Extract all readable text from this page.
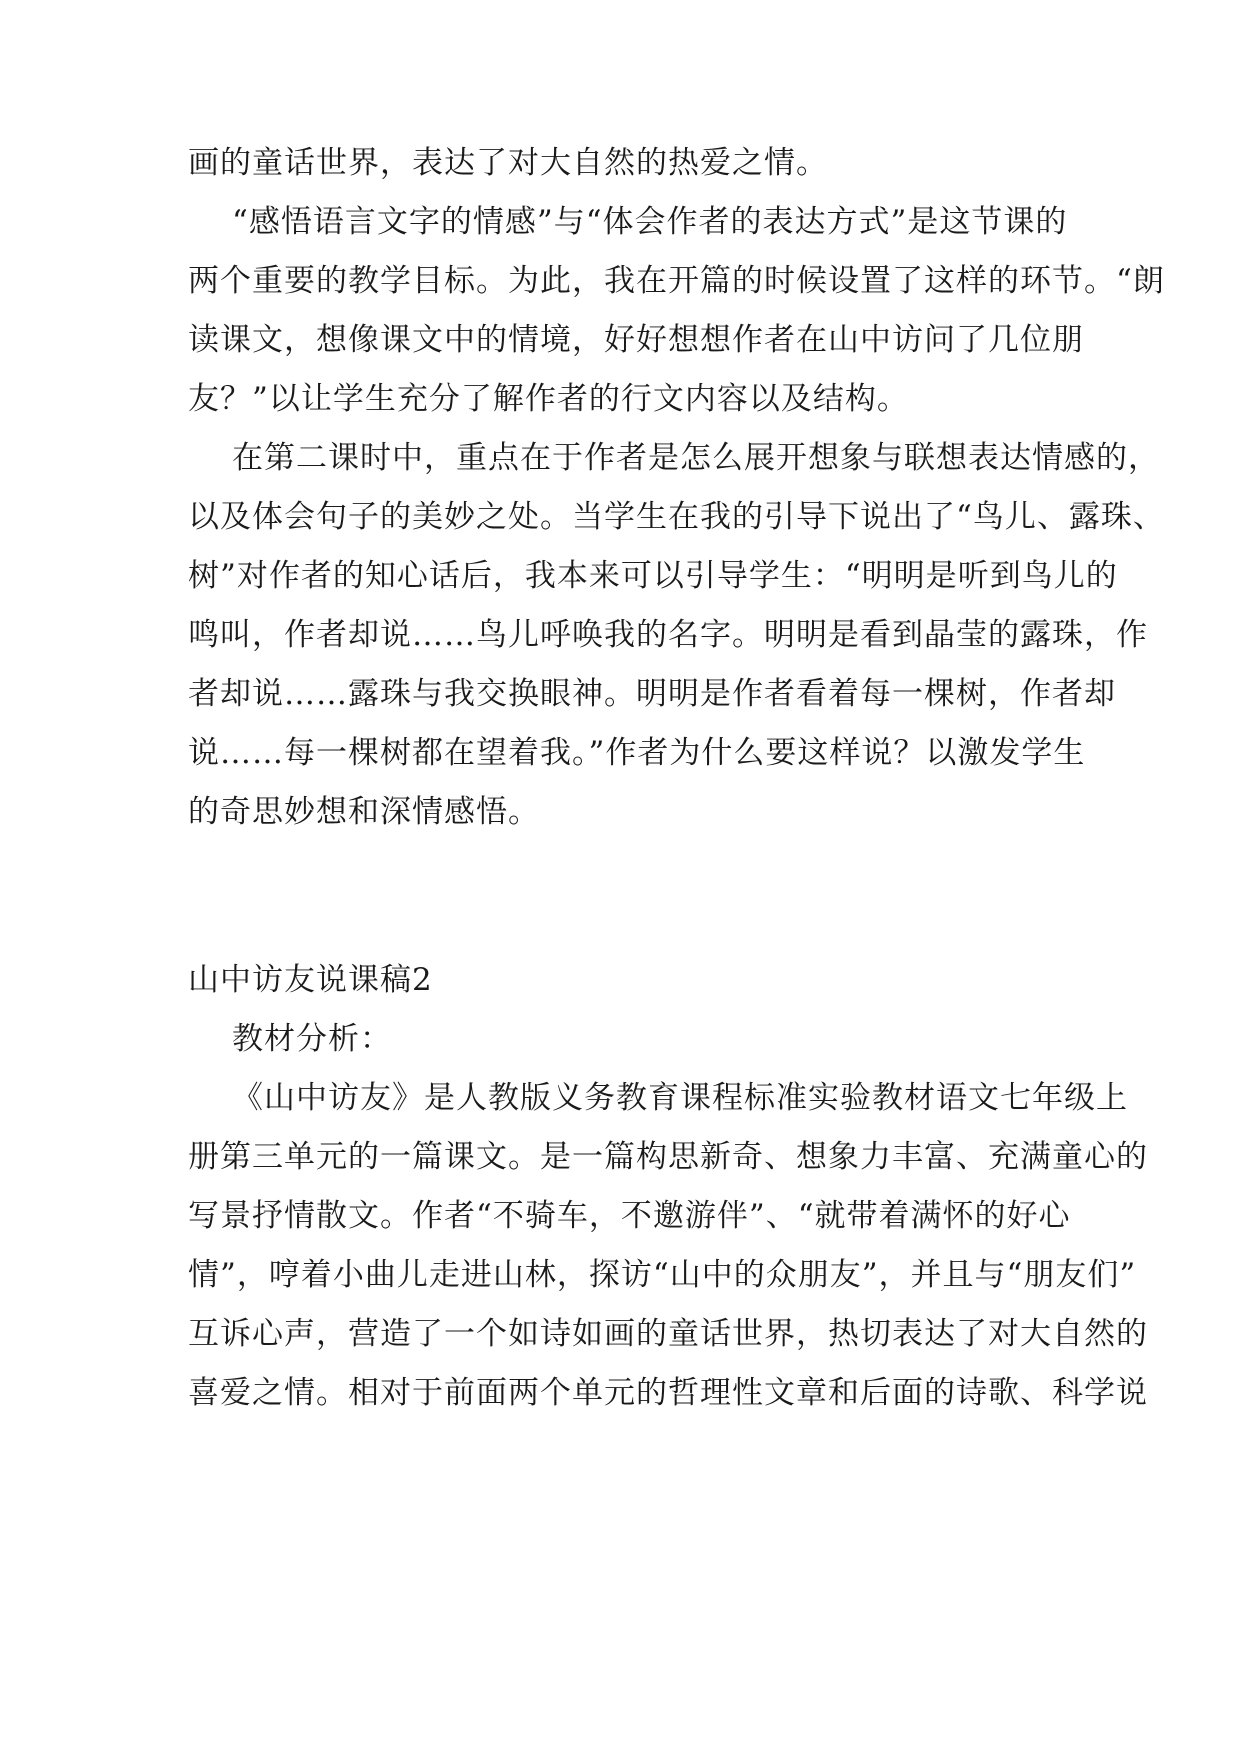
画的童话世界，表达了对大自然的热爱之情。
“感悟语言文字的情感”与“体会作者的表达方式”是这节课的
两个重要的教学目标。为此，我在开篇的时候设置了这样的环节。“朗
读课文，想像课文中的情境，好好想想作者在山中访问了几位朋
友？”以让学生充分了解作者的行文内容以及结构。
在第二课时中，重点在于作者是怎么展开想象与联想表达情感的，
以及体会句子的美妙之处。当学生在我的引导下说出了“鸟儿、露珠、
树”对作者的知心话后，我本来可以引导学生：“明明是听到鸟儿的
鸣叫，作者却说……鸟儿呼唤我的名字。明明是看到晶莹的露珠，作
者却说……露珠与我交换眼神。明明是作者看着每一棵树，作者却
说……每一棵树都在望着我。”作者为什么要这样说？以激发学生
的奇思妙想和深情感悟。
山中访友说课稿2
教材分析：
《山中访友》是人教版义务教育课程标准实验教材语文七年级上
册第三单元的一篇课文。是一篇构思新奇、想象力丰富、充满童心的
写景抒情散文。作者“不骑车，不邀游伴”、“就带着满怀的好心
情”，哼着小曲儿走进山林，探访“山中的众朋友”，并且与“朋友们”
互诉心声，营造了一个如诗如画的童话世界，热切表达了对大自然的
喜爱之情。相对于前面两个单元的哲理性文章和后面的诗歌、科学说
